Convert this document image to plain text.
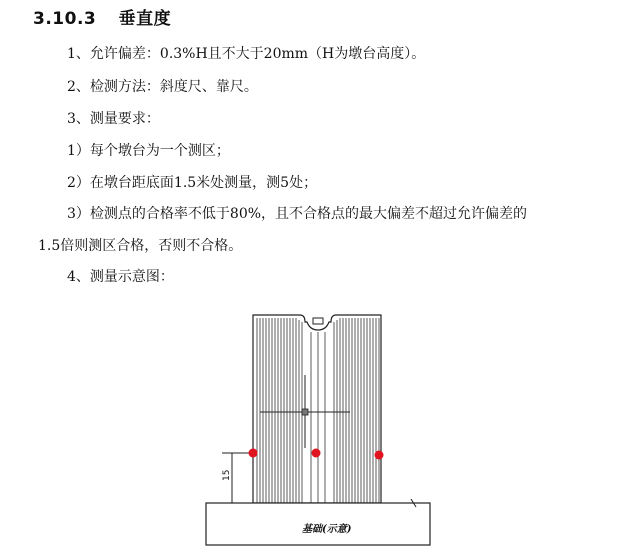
3.10.3 垂直度
1、允许偏差：0.3%H且不大于20mm（H为墩台高度）。
2、检测方法：斜度尺、靠尺。
3、测量要求：
1）每个墩台为一个测区；
2）在墩台距底面1.5米处测量，测5处；
3）检测点的合格率不低于80%，且不合格点的最大偏差不超过允许偏差的
1.5倍则测区合格，否则不合格。
4、测量示意图：
基础(示意)
15
